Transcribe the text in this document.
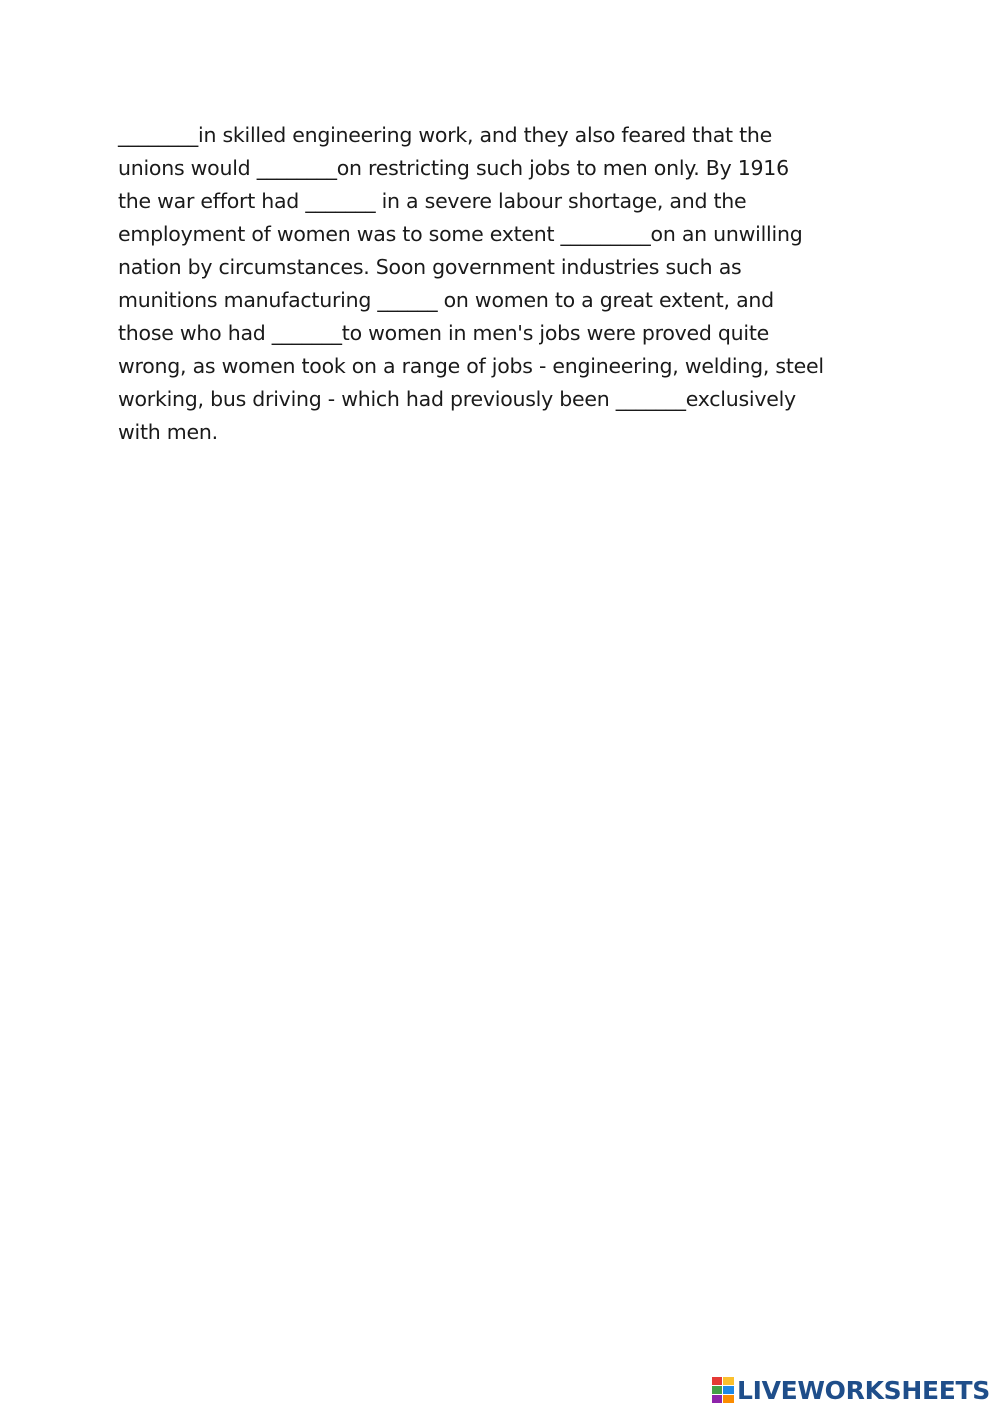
________in skilled engineering work, and they also feared that the
unions would ________on restricting such jobs to men only. By 1916
the war effort had _______ in a severe labour shortage, and the
employment of women was to some extent _________on an unwilling
nation by circumstances. Soon government industries such as
munitions manufacturing ______ on women to a great extent, and
those who had _______to women in men's jobs were proved quite
wrong, as women took on a range of jobs - engineering, welding, steel
working, bus driving - which had previously been _______exclusively
with men.
LIVEWORKSHEETS
